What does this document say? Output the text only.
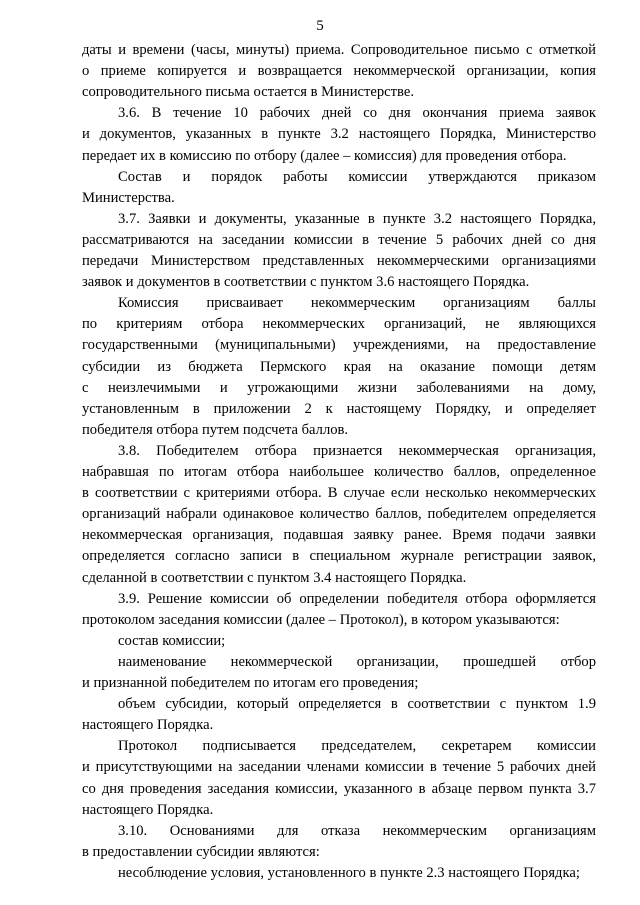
5
даты и времени (часы, минуты) приема. Сопроводительное письмо с отметкой
о приеме копируется и возвращается некоммерческой организации, копия
сопроводительного письма остается в Министерстве.
3.6. В течение 10 рабочих дней со дня окончания приема заявок
и документов, указанных в пункте 3.2 настоящего Порядка, Министерство
передает их в комиссию по отбору (далее – комиссия) для проведения отбора.
Состав и порядок работы комиссии утверждаются приказом
Министерства.
3.7. Заявки и документы, указанные в пункте 3.2 настоящего Порядка,
рассматриваются на заседании комиссии в течение 5 рабочих дней со дня
передачи Министерством представленных некоммерческими организациями
заявок и документов в соответствии с пунктом 3.6 настоящего Порядка.
Комиссия присваивает некоммерческим организациям баллы
по критериям отбора некоммерческих организаций, не являющихся
государственными (муниципальными) учреждениями, на предоставление
субсидии из бюджета Пермского края на оказание помощи детям
с неизлечимыми и угрожающими жизни заболеваниями на дому,
установленным в приложении 2 к настоящему Порядку, и определяет
победителя отбора путем подсчета баллов.
3.8. Победителем отбора признается некоммерческая организация,
набравшая по итогам отбора наибольшее количество баллов, определенное
в соответствии с критериями отбора. В случае если несколько некоммерческих
организаций набрали одинаковое количество баллов, победителем определяется
некоммерческая организация, подавшая заявку ранее. Время подачи заявки
определяется согласно записи в специальном журнале регистрации заявок,
сделанной в соответствии с пунктом 3.4 настоящего Порядка.
3.9. Решение комиссии об определении победителя отбора оформляется
протоколом заседания комиссии (далее – Протокол), в котором указываются:
состав комиссии;
наименование некоммерческой организации, прошедшей отбор
и признанной победителем по итогам его проведения;
объем субсидии, который определяется в соответствии с пунктом 1.9
настоящего Порядка.
Протокол подписывается председателем, секретарем комиссии
и присутствующими на заседании членами комиссии в течение 5 рабочих дней
со дня проведения заседания комиссии, указанного в абзаце первом пункта 3.7
настоящего Порядка.
3.10. Основаниями для отказа некоммерческим организациям
в предоставлении субсидии являются:
несоблюдение условия, установленного в пункте 2.3 настоящего Порядка;
